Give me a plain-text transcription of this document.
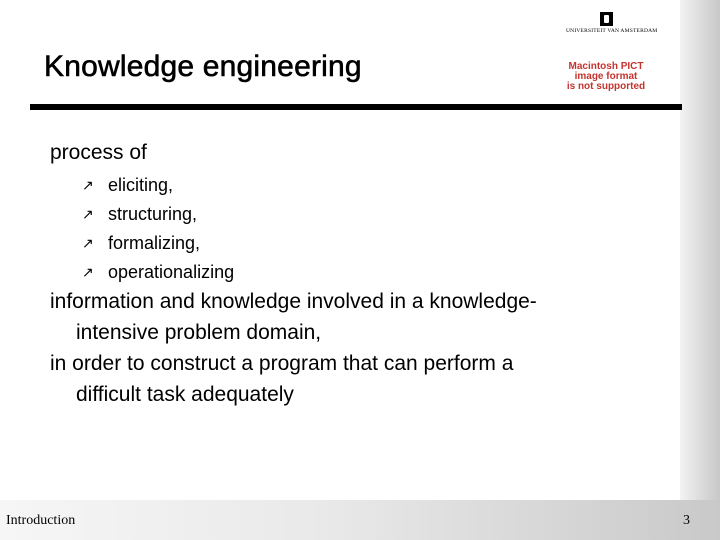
UNIVERSITEIT VAN AMSTERDAM
Macintosh PICT
image format
is not supported
Knowledge engineering
process of
↗ eliciting,
↗ structuring,
↗ formalizing,
↗ operationalizing
information and knowledge involved in a knowledge-
intensive problem domain,
in order to construct a program that can perform a
difficult task adequately
Introduction	3
